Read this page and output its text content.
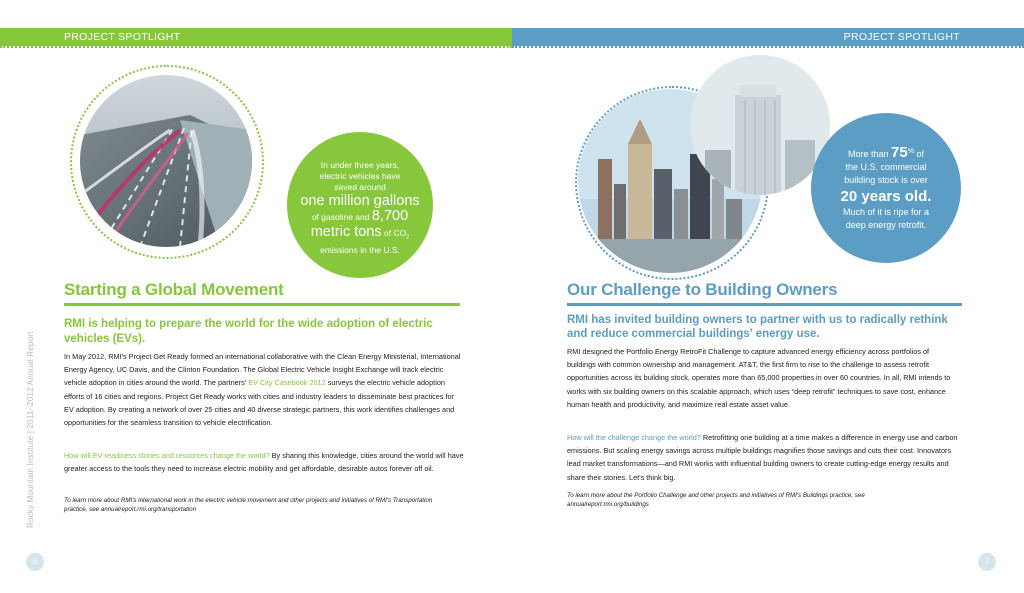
PROJECT SPOTLIGHT	PROJECT SPOTLIGHT
In under three years,
electric vehicles have
saved around
one million gallons
of gasoline and 8,700
metric tons of $CO_2$
emissions in the U.S.
Starting a Global Movement
RMI is helping to prepare the world for the wide adoption of electric vehicles (EVs).
In May 2012, RMI's Project Get Ready formed an international collaborative with the Clean Energy Ministerial, International Energy Agency, UC Davis, and the Clinton Foundation. The Global Electric Vehicle Insight Exchange will track electric vehicle adoption in cities around the world. The partners' EV City Casebook 2012 surveys the electric vehicle adoption efforts of 16 cities and regions. Project Get Ready works with cities and industry leaders to disseminate best practices for EV adoption. By creating a network of over 25 cities and 40 diverse strategic partners, this work identifies challenges and opportunities for the seamless transition to vehicle electrification.
How will EV readiness stories and resources change the world? By sharing this knowledge, cities around the world will have greater access to the tools they need to increase electric mobility and get affordable, desirable autos forever off oil.
To learn more about RMI's international work in the electric vehicle movement and other projects and initiatives of RMI's Transportation practice, see annualreport.rmi.org/transportation
Rocky Mountain Institute | 2011–2012 Annual Report
6
More than 75% of
the U.S. commercial
building stock is over
20 years old.
Much of it is ripe for a
deep energy retrofit.
Our Challenge to Building Owners
RMI has invited building owners to partner with us to radically rethink and reduce commercial buildings' energy use.
RMI designed the Portfolio Energy RetroFit Challenge to capture advanced energy efficiency across portfolios of buildings with common ownership and management. AT&T, the first firm to rise to the challenge to assess retrofit opportunities across its building stock, operates more than 65,000 properties in over 60 countries. In all, RMI intends to works with six building owners on this scalable approach, which uses “deep retrofit” techniques to save cost, enhance human health and productivity, and maximize real estate asset value.
How will the challenge change the world? Retrofitting one building at a time makes a difference in energy use and carbon emissions. But scaling energy savings across multiple buildings magnifies those savings and cuts their cost. Innovators lead market transformations—and RMI works with influential building owners to create cutting-edge energy results and share their stories. Let's think big.
To learn more about the Portfolio Challenge and other projects and initiatives of RMI's Buildings practice, see annualreport.rmi.org/buildings
7
